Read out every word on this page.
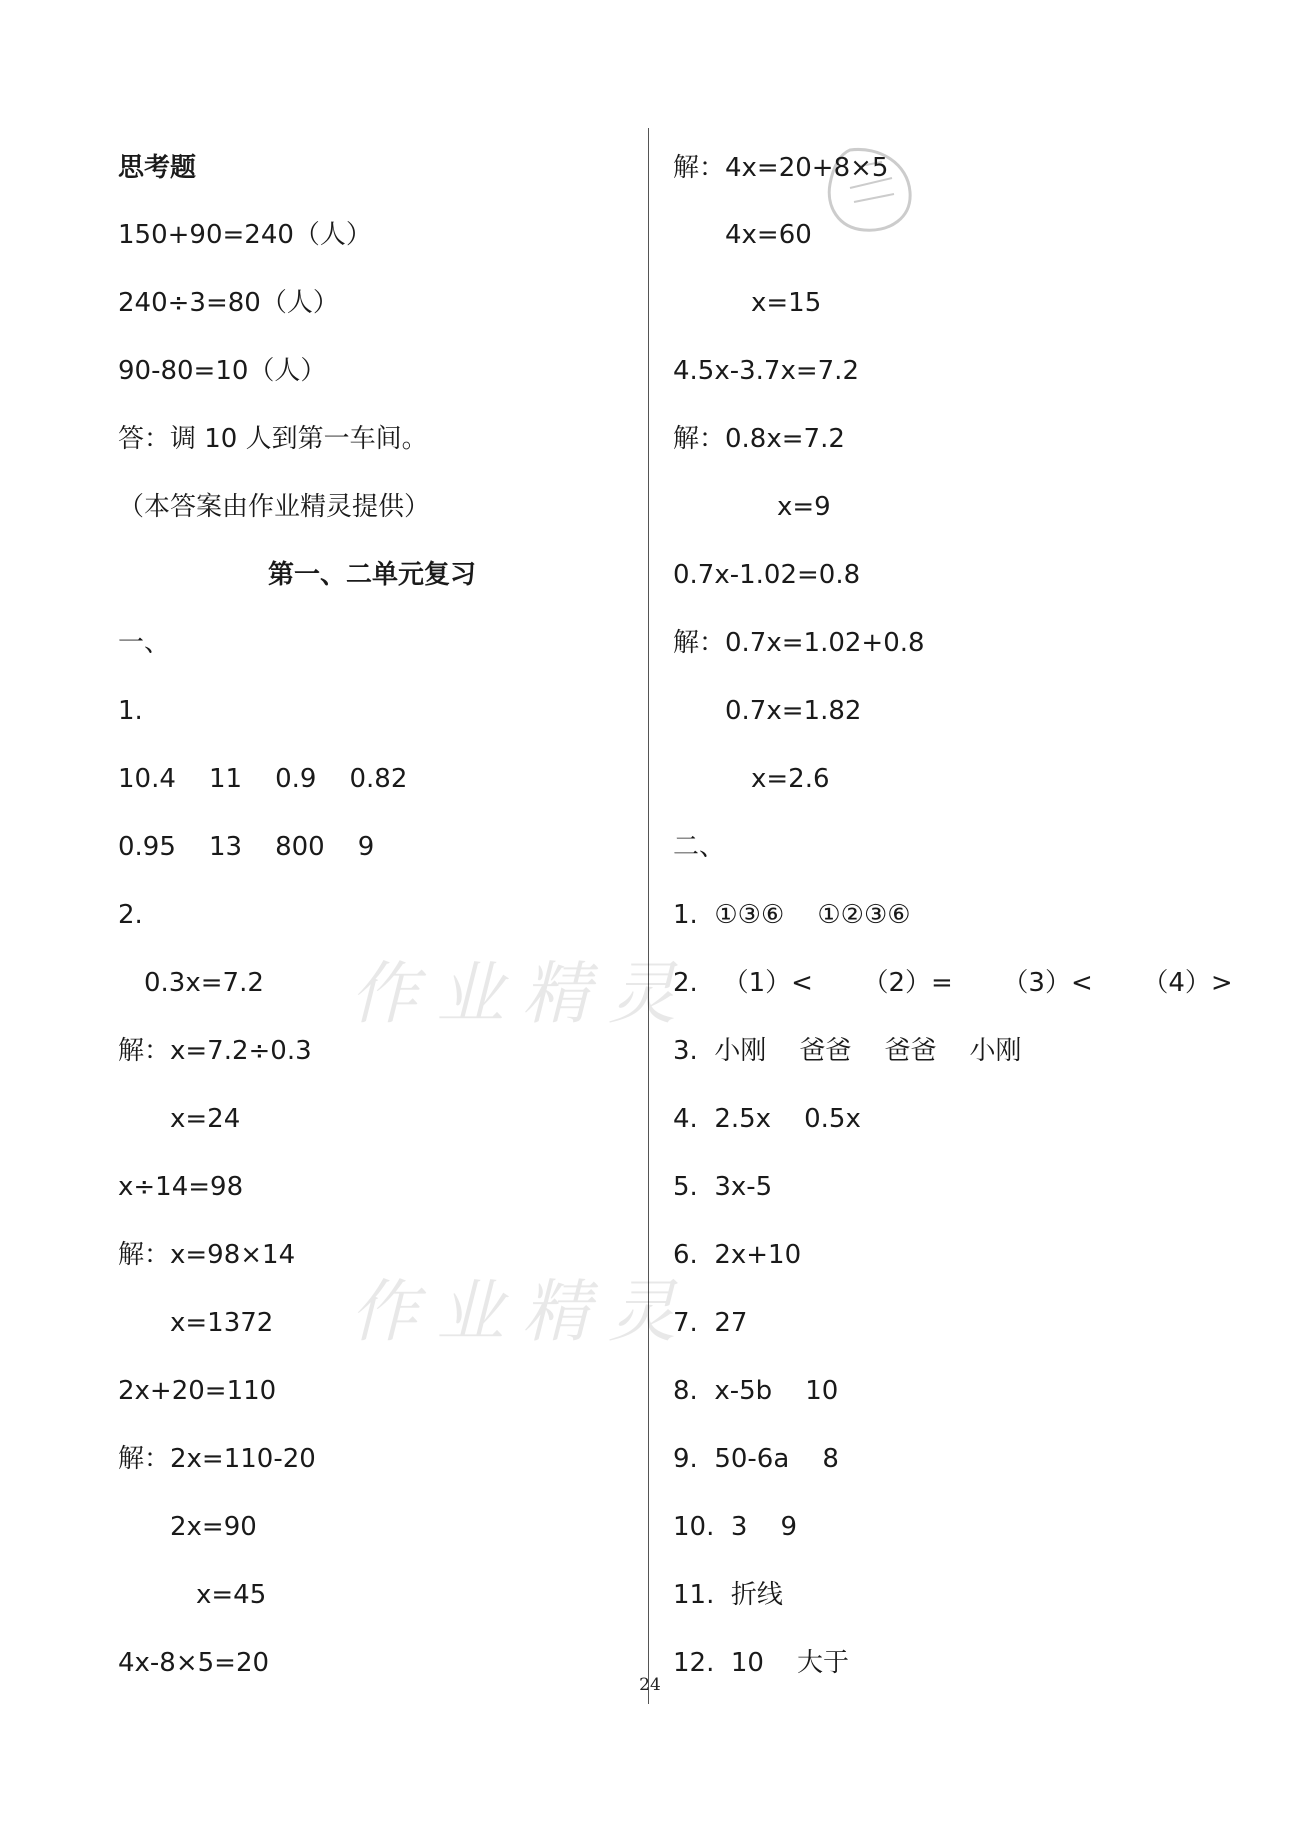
作业精灵
作业精灵
思考题
150+90=240（人）
240÷3=80（人）
90-80=10（人）
答：调 10 人到第一车间。
（本答案由作业精灵提供）
第一、二单元复习
一、
1.
10.4    11    0.9    0.82
0.95    13    800    9
2.
0.3x=7.2
解：x=7.2÷0.3
x=24
x÷14=98
解：x=98×14
x=1372
2x+20=110
解：2x=110-20
2x=90
x=45
4x-8×5=20
解：4x=20+8×5
4x=60
x=15
4.5x-3.7x=7.2
解：0.8x=7.2
x=9
0.7x-1.02=0.8
解：0.7x=1.02+0.8
0.7x=1.82
x=2.6
二、
1.  ①③⑥    ①②③⑥
2.   （1）<      （2）=      （3）<      （4）>
3.  小刚    爸爸    爸爸    小刚
4.  2.5x    0.5x
5.  3x-5
6.  2x+10
7.  27
8.  x-5b    10
9.  50-6a    8
10.  3    9
11.  折线
12.  10    大于
24
